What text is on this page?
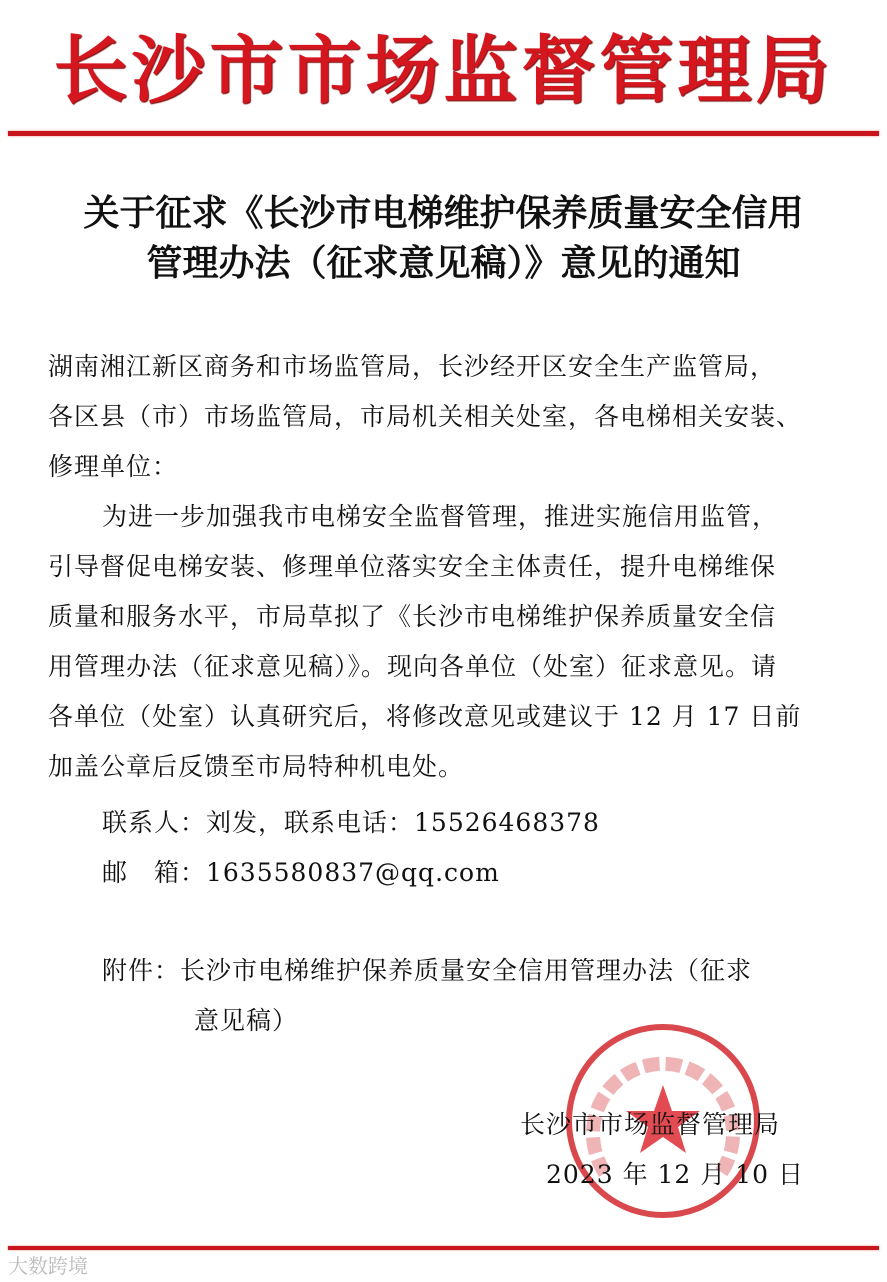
长沙市市场监督管理局
关于征求《长沙市电梯维护保养质量安全信用
管理办法（征求意见稿）》意见的通知
湖南湘江新区商务和市场监管局，长沙经开区安全生产监管局，
各区县（市）市场监管局，市局机关相关处室，各电梯相关安装、
修理单位：
为进一步加强我市电梯安全监督管理，推进实施信用监管，
引导督促电梯安装、修理单位落实安全主体责任，提升电梯维保
质量和服务水平，市局草拟了《长沙市电梯维护保养质量安全信
用管理办法（征求意见稿）》。现向各单位（处室）征求意见。请
各单位（处室）认真研究后，将修改意见或建议于 12 月 17 日前
加盖公章后反馈至市局特种机电处。
联系人：刘发，联系电话：15526468378
邮　箱：1635580837@qq.com
附件：长沙市电梯维护保养质量安全信用管理办法（征求
意见稿）
长沙市市场监督管理局
2023 年 12 月 10 日
大数跨境
